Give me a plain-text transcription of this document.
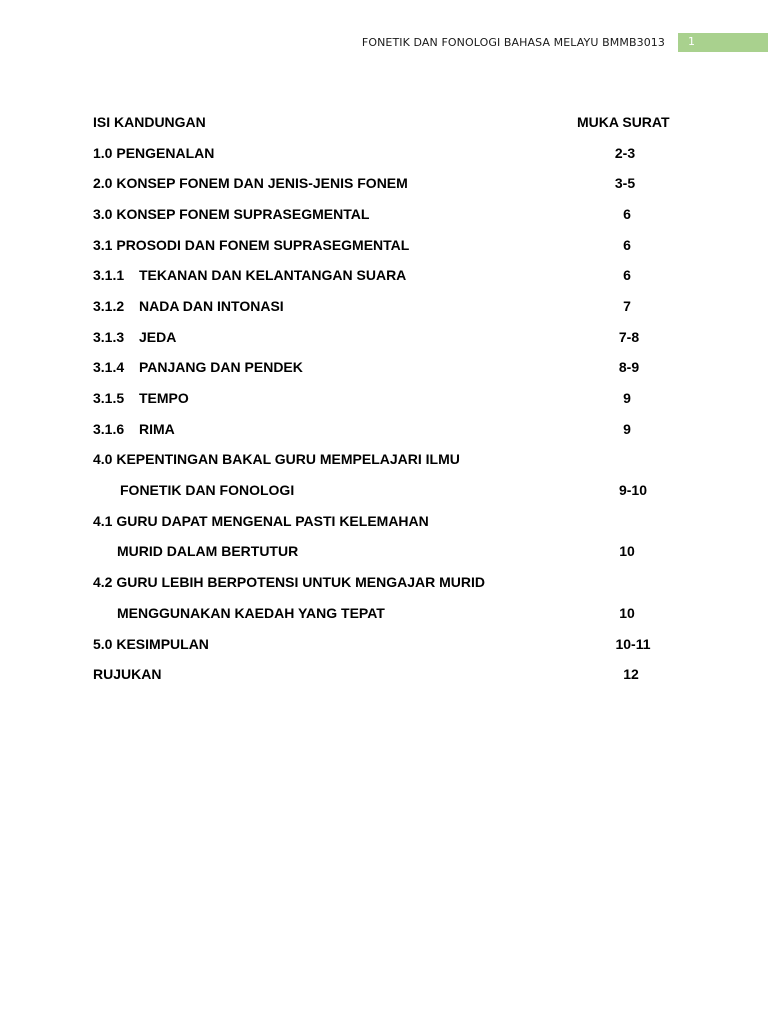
FONETIK DAN FONOLOGI BAHASA MELAYU BMMB3013 1
ISI KANDUNGAN	MUKA SURAT
1.0 PENGENALAN	2-3
2.0 KONSEP FONEM DAN JENIS-JENIS FONEM	3-5
3.0 KONSEP FONEM SUPRASEGMENTAL	6
3.1 PROSODI DAN FONEM SUPRASEGMENTAL	6
3.1.1 TEKANAN DAN KELANTANGAN SUARA	6
3.1.2 NADA DAN INTONASI	7
3.1.3 JEDA	7-8
3.1.4 PANJANG DAN PENDEK	8-9
3.1.5 TEMPO	9
3.1.6 RIMA	9
4.0 KEPENTINGAN BAKAL GURU MEMPELAJARI ILMU
FONETIK DAN FONOLOGI	9-10
4.1 GURU DAPAT MENGENAL PASTI KELEMAHAN
MURID DALAM BERTUTUR	10
4.2 GURU LEBIH BERPOTENSI UNTUK MENGAJAR MURID
MENGGUNAKAN KAEDAH YANG TEPAT	10
5.0 KESIMPULAN	10-11
RUJUKAN	12
